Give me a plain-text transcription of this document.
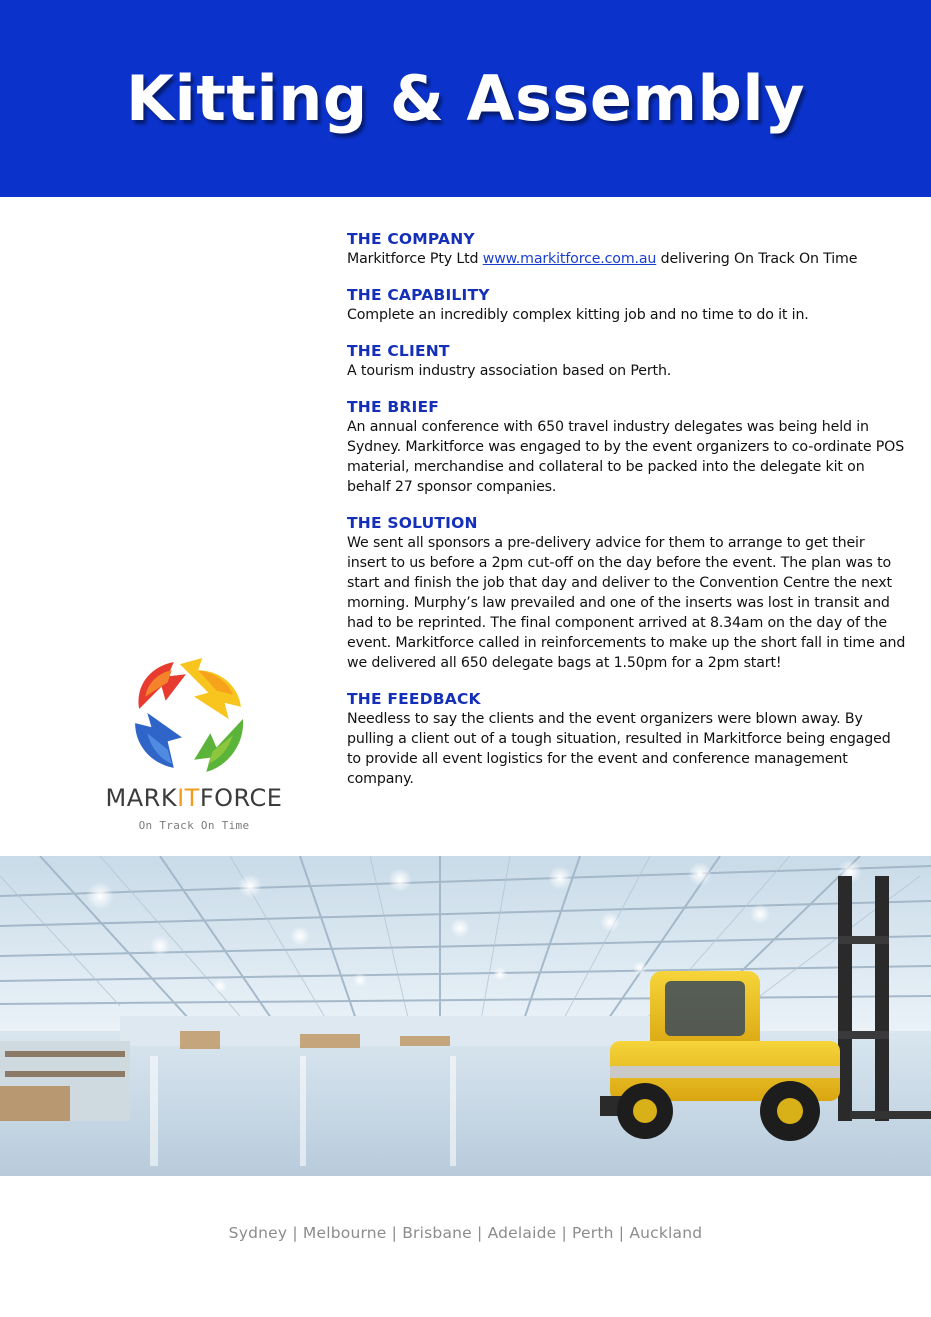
Kitting & Assembly
THE COMPANY

Markitforce Pty Ltd www.markitforce.com.au delivering On Track On Time

THE CAPABILITY

Complete an incredibly complex kitting job and no time to do it in.

THE CLIENT

A tourism industry association based on Perth.

THE BRIEF

An annual conference with 650 travel industry delegates was being held in Sydney. Markitforce was engaged to by the event organizers to co-ordinate POS material, merchandise and collateral to be packed into the delegate kit on behalf 27 sponsor companies.

THE SOLUTION

We sent all sponsors a pre-delivery advice for them to arrange to get their insert to us before a 2pm cut-off on the day before the event. The plan was to start and finish the job that day and deliver to the Convention Centre the next morning. Murphy’s law prevailed and one of the inserts was lost in transit and had to be reprinted. The final component arrived at 8.34am on the day of the event. Markitforce called in reinforcements to make up the short fall in time and we delivered all 650 delegate bags at 1.50pm for a 2pm start!

THE FEEDBACK

Needless to say the clients and the event organizers were blown away. By pulling a client out of a tough situation, resulted in Markitforce being engaged to provide all event logistics for the event and conference management company.

MARKITFORCE
On Track On Time
Sydney | Melbourne | Brisbane | Adelaide | Perth | Auckland
